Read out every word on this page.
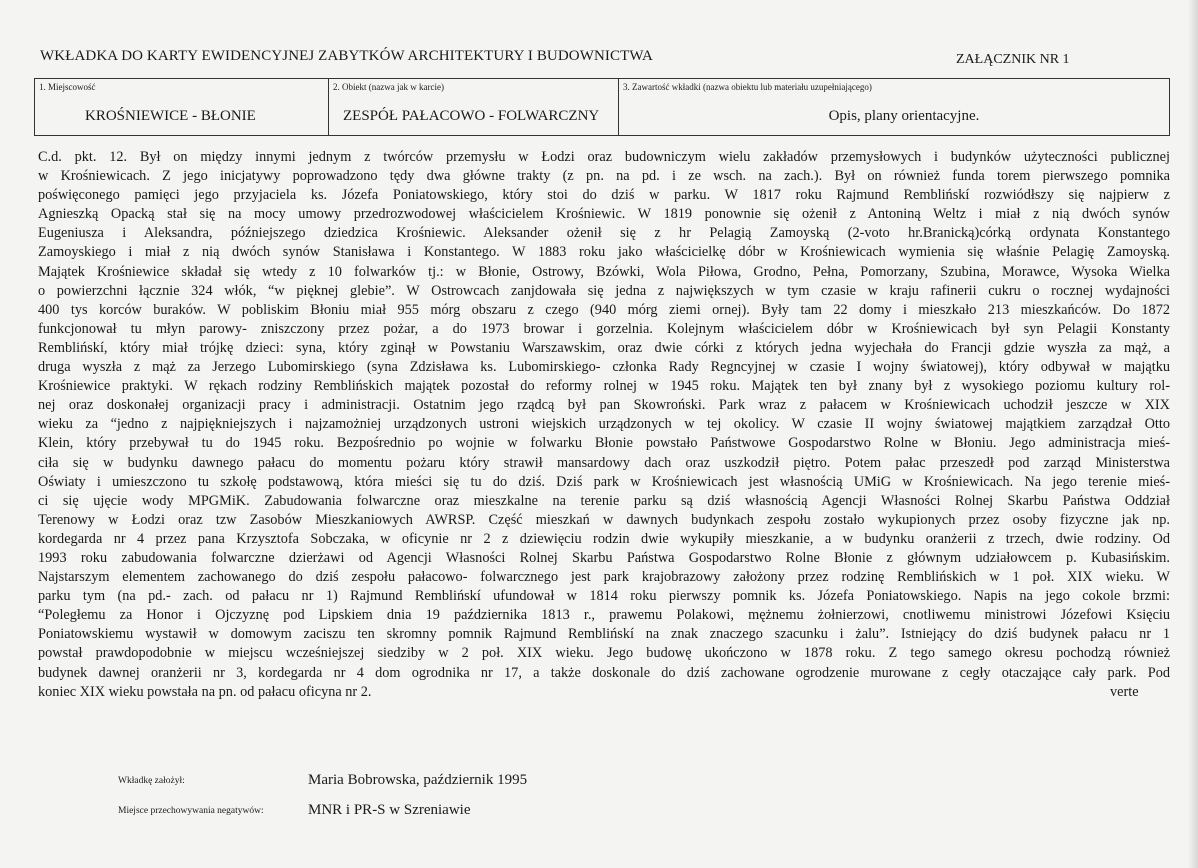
WKŁADKA DO KARTY EWIDENCYJNEJ ZABYTKÓW ARCHITEKTURY I BUDOWNICTWA	ZAŁĄCZNIK NR 1
1. Miejscowość	2. Obiekt (nazwa jak w karcie)	3. Zawartość wkładki (nazwa obiektu lub materiału uzupełniającego)
KROŚNIEWICE - BŁONIE	ZESPÓŁ PAŁACOWO - FOLWARCZNY	Opis, plany orientacyjne.
C.d. pkt. 12. Był on między innymi jednym z twórców przemysłu w Łodzi oraz budowniczym wielu zakładów przemysłowych i budynków użyteczności publicznej
w Krośniewicach. Z jego inicjatywy poprowadzono tędy dwa główne trakty (z pn. na pd. i ze wsch. na zach.). Był on również funda torem pierwszego pomnika
poświęconego pamięci jego przyjaciela ks. Józefa Poniatowskiego, który stoi do dziś w parku. W 1817 roku Rajmund Remblińskí rozwiódłszy się najpierw z
Agnieszką Opacką stał się na mocy umowy przedrozwodowej właścicielem Krośniewic. W 1819 ponownie się ożenił z Antoniną Weltz i miał z nią dwóch synów
Eugeniusza i Aleksandra, późniejszego dziedzica Krośniewic. Aleksander ożenił się z hr Pelagią Zamoyską (2-voto hr.Branicką)córką ordynata Konstantego
Zamoyskiego i miał z nią dwóch synów Stanisława i Konstantego. W 1883 roku jako właścicielkę dóbr w Krośniewicach wymienia się właśnie Pelagię Zamoyską.
Majątek Krośniewice składał się wtedy z 10 folwarków tj.: w Błonie, Ostrowy, Bzówki, Wola Piłowa, Grodno, Pełna, Pomorzany, Szubina, Morawce, Wysoka Wielka
o powierzchni łącznie 324 włók, “w pięknej glebie”. W Ostrowcach zanjdowała się jedna z największych w tym czasie w kraju rafinerii cukru o rocznej wydajności
400 tys korców buraków. W pobliskim Błoniu miał 955 mórg obszaru z czego (940 mórg ziemi ornej). Były tam 22 domy i mieszkało 213 mieszkańców. Do 1872
funkcjonował tu młyn parowy- zniszczony przez pożar, a do 1973 browar i gorzelnia. Kolejnym właścicielem dóbr w Krośniewicach był syn Pelagii Konstanty
Remblińskí, który miał trójkę dzieci: syna, który zginął w Powstaniu Warszawskim, oraz dwie córki z których jedna wyjechała do Francji gdzie wyszła za mąż, a
druga wyszła z mąż za Jerzego Lubomirskiego (syna Zdzisława ks. Lubomirskiego- członka Rady Regncyjnej w czasie I wojny światowej), który odbywał w majątku
Krośniewice praktyki. W rękach rodziny Remblińskich majątek pozostał do reformy rolnej w 1945 roku. Majątek ten był znany był z wysokiego poziomu kultury rol-
nej oraz doskonałej organizacji pracy i administracji. Ostatnim jego rządcą był pan Skowroński. Park wraz z pałacem w Krośniewicach uchodził jeszcze w XIX
wieku za “jedno z najpiękniejszych i najzamożniej urządzonych ustroni wiejskich urządzonych w tej okolicy. W czasie II wojny światowej majątkiem zarządzał Otto
Klein, który przebywał tu do 1945 roku. Bezpośrednio po wojnie w folwarku Błonie powstało Państwowe Gospodarstwo Rolne w Błoniu. Jego administracja mieś-
ciła się w budynku dawnego pałacu do momentu pożaru który strawił mansardowy dach oraz uszkodził piętro. Potem pałac przeszedł pod zarząd Ministerstwa
Oświaty i umieszczono tu szkołę podstawową, która mieści się tu do dziś. Dziś park w Krośniewicach jest własnością UMiG w Krośniewicach. Na jego terenie mieś-
ci się ujęcie wody MPGMiK. Zabudowania folwarczne oraz mieszkalne na terenie parku są dziś własnością Agencji Własności Rolnej Skarbu Państwa Oddział
Terenowy w Łodzi oraz tzw Zasobów Mieszkaniowych AWRSP. Część mieszkań w dawnych budynkach zespołu zostało wykupionych przez osoby fizyczne jak np.
kordegarda nr 4 przez pana Krzysztofa Sobczaka, w oficynie nr 2 z dziewięciu rodzin dwie wykupiły mieszkanie, a w budynku oranżerii z trzech, dwie rodziny. Od
1993 roku zabudowania folwarczne dzierżawi od Agencji Własności Rolnej Skarbu Państwa Gospodarstwo Rolne Błonie z głównym udziałowcem p. Kubasińskim.
Najstarszym elementem zachowanego do dziś zespołu pałacowo- folwarcznego jest park krajobrazowy założony przez rodzinę Remblińskich w 1 poł. XIX wieku. W
parku tym (na pd.- zach. od pałacu nr 1) Rajmund Remblińskí ufundował w 1814 roku pierwszy pomnik ks. Józefa Poniatowskiego. Napis na jego cokole brzmi:
“Poległemu za Honor i Ojczyznę pod Lipskiem dnia 19 października 1813 r., prawemu Polakowi, mężnemu żołnierzowi, cnotliwemu ministrowi Józefowi Księciu
Poniatowskiemu wystawił w domowym zaciszu ten skromny pomnik Rajmund Remblińskí na znak znaczego szacunku i żalu”. Istniejący do dziś budynek pałacu nr 1
powstał prawdopodobnie w miejscu wcześniejszej siedziby w 2 poł. XIX wieku. Jego budowę ukończono w 1878 roku. Z tego samego okresu pochodzą również
budynek dawnej oranżerii nr 3, kordegarda nr 4 dom ogrodnika nr 17, a także doskonale do dziś zachowane ogrodzenie murowane z cegły otaczające cały park. Pod
koniec XIX wieku powstała na pn. od pałacu oficyna nr 2.	verte
Wkładkę założył:	Maria Bobrowska, październik 1995
Miejsce przechowywania negatywów:	MNR i PR-S w Szreniawie
